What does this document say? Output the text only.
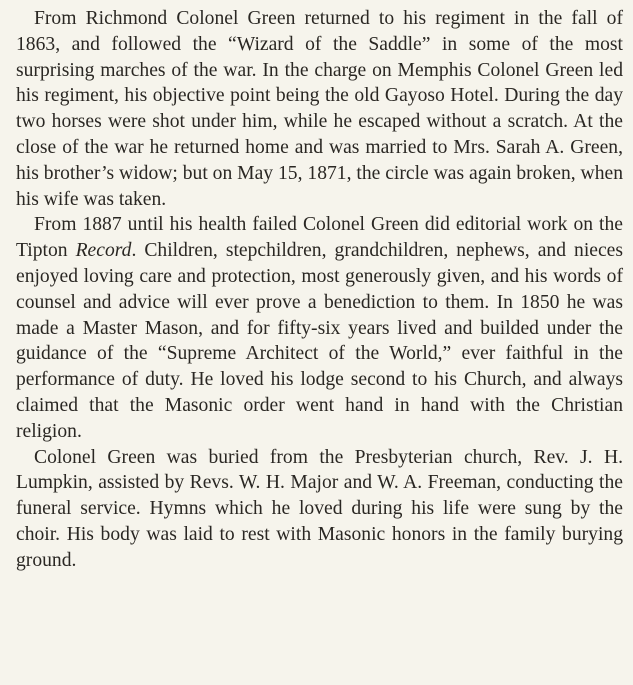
From Richmond Colonel Green returned to his regiment in the fall of 1863, and followed the “Wizard of the Saddle” in some of the most surprising marches of the war. In the charge on Memphis Colonel Green led his regiment, his objective point being the old Gayoso Hotel. During the day two horses were shot under him, while he escaped without a scratch. At the close of the war he returned home and was married to Mrs. Sarah A. Green, his brother’s widow; but on May 15, 1871, the circle was again broken, when his wife was taken.

From 1887 until his health failed Colonel Green did editorial work on the Tipton Record. Children, stepchildren, grandchildren, nephews, and nieces enjoyed loving care and protection, most generously given, and his words of counsel and advice will ever prove a benediction to them. In 1850 he was made a Master Mason, and for fifty-six years lived and builded under the guidance of the “Supreme Architect of the World,” ever faithful in the performance of duty. He loved his lodge second to his Church, and always claimed that the Masonic order went hand in hand with the Christian religion.

Colonel Green was buried from the Presbyterian church, Rev. J. H. Lumpkin, assisted by Revs. W. H. Major and W. A. Freeman, conducting the funeral service. Hymns which he loved during his life were sung by the choir. His body was laid to rest with Masonic honors in the family burying ground.
